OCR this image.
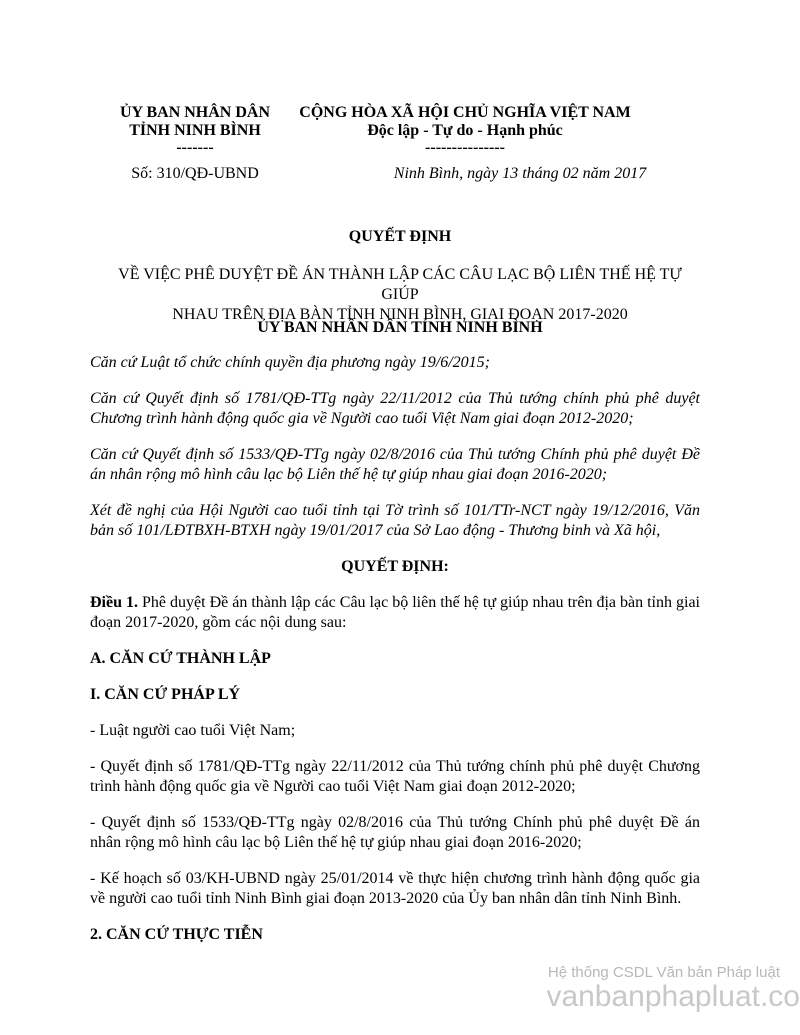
ỦY BAN NHÂN DÂN
TỈNH NINH BÌNH
-------
CỘNG HÒA XÃ HỘI CHỦ NGHĨA VIỆT NAM
Độc lập - Tự do - Hạnh phúc
---------------
Số: 310/QĐ-UBND	Ninh Bình, ngày 13 tháng 02 năm 2017
QUYẾT ĐỊNH
VỀ VIỆC PHÊ DUYỆT ĐỀ ÁN THÀNH LẬP CÁC CÂU LẠC BỘ LIÊN THẾ HỆ TỰ GIÚP
NHAU TRÊN ĐỊA BÀN TỈNH NINH BÌNH, GIAI ĐOẠN 2017-2020
ỦY BAN NHÂN DÂN TỈNH NINH BÌNH

Căn cứ Luật tổ chức chính quyền địa phương ngày 19/6/2015;

Căn cứ Quyết định số 1781/QĐ-TTg ngày 22/11/2012 của Thủ tướng chính phủ phê duyệt Chương trình hành động quốc gia về Người cao tuổi Việt Nam giai đoạn 2012-2020;

Căn cứ Quyết định số 1533/QĐ-TTg ngày 02/8/2016 của Thủ tướng Chính phủ phê duyệt Đề án nhân rộng mô hình câu lạc bộ Liên thế hệ tự giúp nhau giai đoạn 2016-2020;

Xét đề nghị của Hội Người cao tuổi tỉnh tại Tờ trình số 101/TTr-NCT ngày 19/12/2016, Văn bản số 101/LĐTBXH-BTXH ngày 19/01/2017 của Sở Lao động - Thương binh và Xã hội,

QUYẾT ĐỊNH:

Điều 1. Phê duyệt Đề án thành lập các Câu lạc bộ liên thế hệ tự giúp nhau trên địa bàn tỉnh giai đoạn 2017-2020, gồm các nội dung sau:

A. CĂN CỨ THÀNH LẬP
I. CĂN CỨ PHÁP LÝ

- Luật người cao tuổi Việt Nam;

- Quyết định số 1781/QĐ-TTg ngày 22/11/2012 của Thủ tướng chính phủ phê duyệt Chương trình hành động quốc gia về Người cao tuổi Việt Nam giai đoạn 2012-2020;

- Quyết định số 1533/QĐ-TTg ngày 02/8/2016 của Thủ tướng Chính phủ phê duyệt Đề án nhân rộng mô hình câu lạc bộ Liên thế hệ tự giúp nhau giai đoạn 2016-2020;

- Kế hoạch số 03/KH-UBND ngày 25/01/2014 về thực hiện chương trình hành động quốc gia về người cao tuổi tỉnh Ninh Bình giai đoạn 2013-2020 của Ủy ban nhân dân tỉnh Ninh Bình.

2. CĂN CỨ THỰC TIỄN
Hệ thống CSDL Văn bản Pháp luật
vanbanphapluat.co
